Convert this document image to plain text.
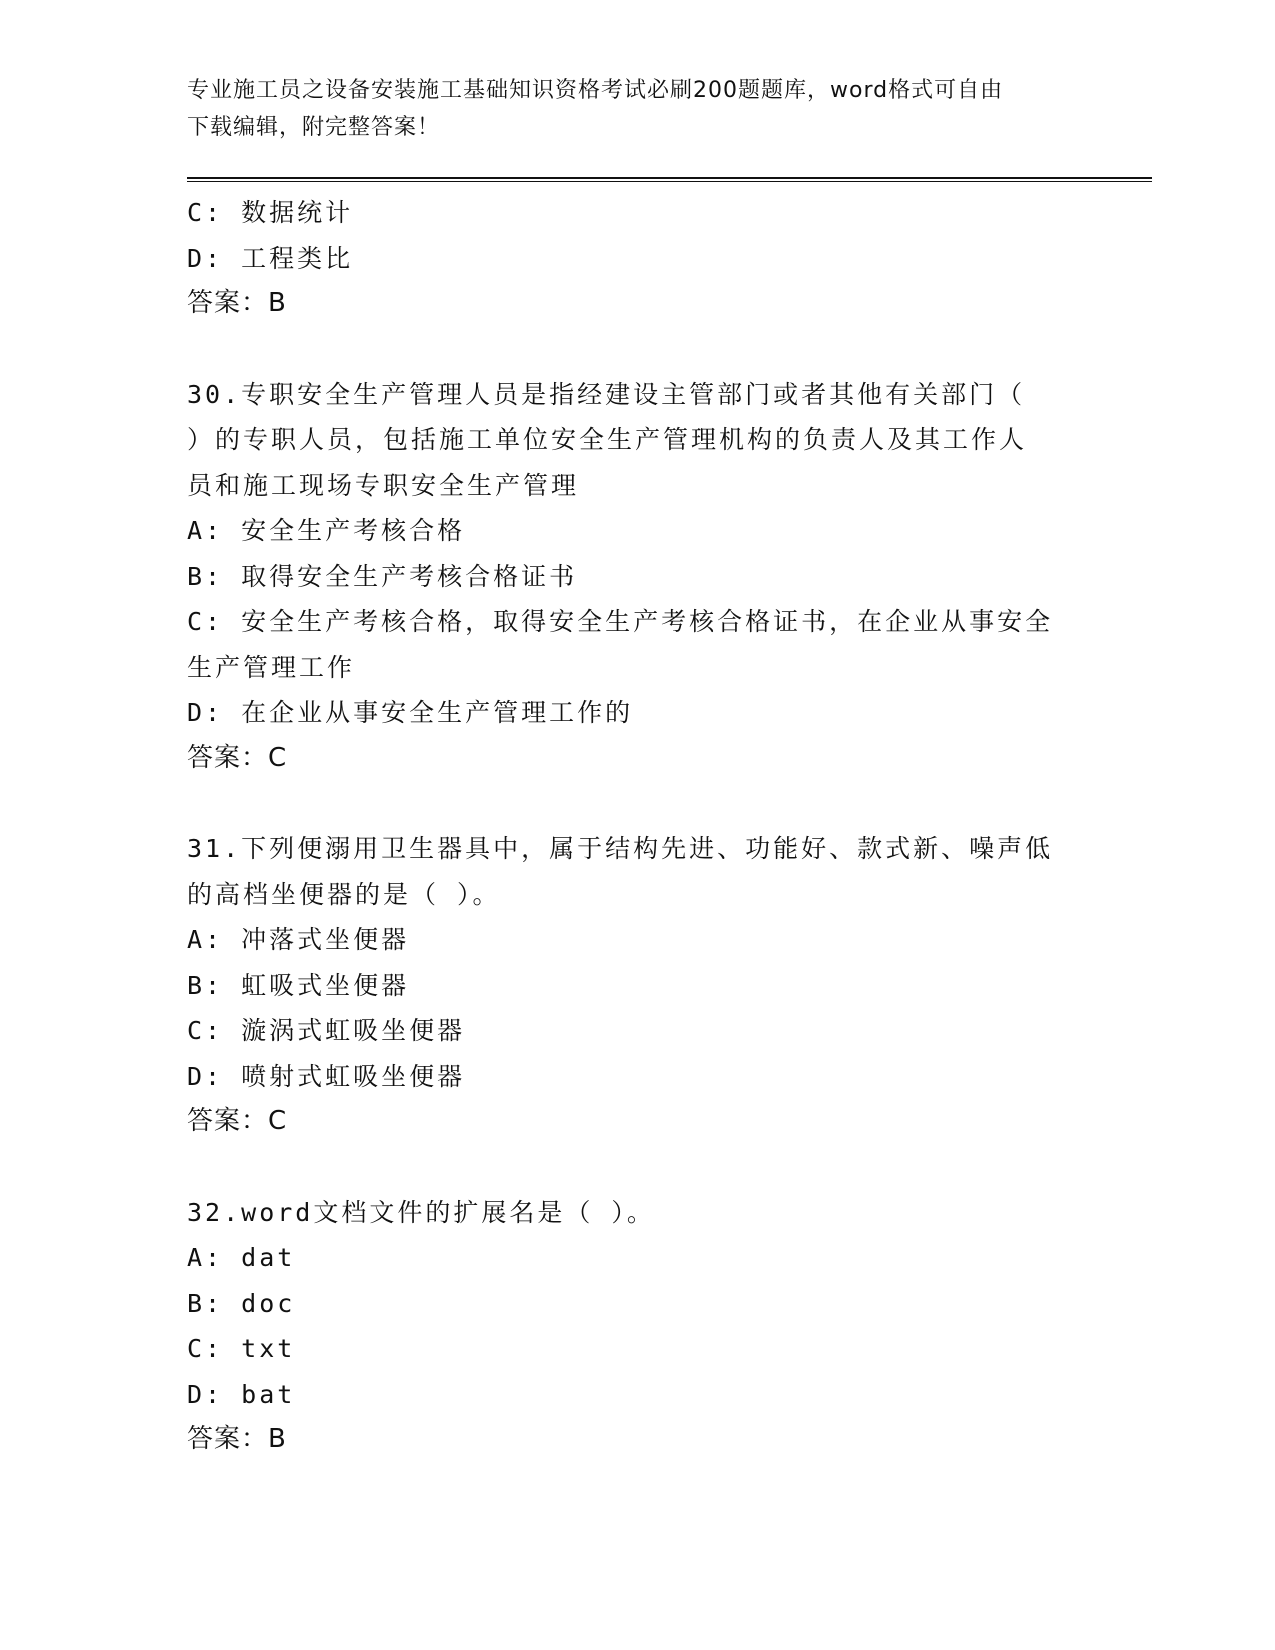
专业施工员之设备安装施工基础知识资格考试必刷200题题库，word格式可自由
下载编辑，附完整答案！

C: 数据统计

D: 工程类比

答案：B

30.专职安全生产管理人员是指经建设主管部门或者其他有关部门（

）的专职人员，包括施工单位安全生产管理机构的负责人及其工作人

员和施工现场专职安全生产管理

A: 安全生产考核合格

B: 取得安全生产考核合格证书

C: 安全生产考核合格，取得安全生产考核合格证书，在企业从事安全

生产管理工作

D: 在企业从事安全生产管理工作的

答案：C

31.下列便溺用卫生器具中，属于结构先进、功能好、款式新、噪声低

的高档坐便器的是（ ）。

A: 冲落式坐便器

B: 虹吸式坐便器

C: 漩涡式虹吸坐便器

D: 喷射式虹吸坐便器

答案：C

32.word文档文件的扩展名是（ ）。

A: dat

B: doc

C: txt

D: bat

答案：B
